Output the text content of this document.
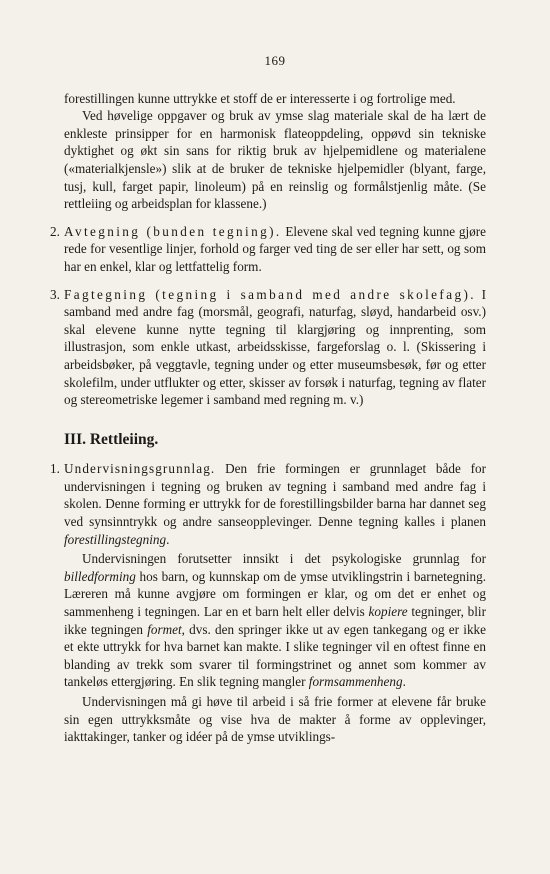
169

forestillingen kunne uttrykke et stoff de er interesserte i og fortrolige med.

Ved høvelige oppgaver og bruk av ymse slag materiale skal de ha lært de enkleste prinsipper for en harmonisk flateoppdeling, oppøvd sin tekniske dyktighet og økt sin sans for riktig bruk av hjelpemidlene og materialene («materialkjensle») slik at de bruker de tekniske hjelpemidler (blyant, farge, tusj, kull, farget papir, linoleum) på en reinslig og formålstjenlig måte. (Se rettleiing og arbeidsplan for klassene.)

2. Avtegning (bunden tegning). Elevene skal ved tegning kunne gjøre rede for vesentlige linjer, forhold og farger ved ting de ser eller har sett, og som har en enkel, klar og lettfattelig form.
3. Fagtegning (tegning i samband med andre skolefag). I samband med andre fag (morsmål, geografi, naturfag, sløyd, handarbeid osv.) skal elevene kunne nytte tegning til klargjøring og innprenting, som illustrasjon, som enkle utkast, arbeidsskisse, fargeforslag o. l. (Skissering i arbeidsbøker, på veggtavle, tegning under og etter museumsbesøk, før og etter skolefilm, under utflukter og etter, skisser av forsøk i naturfag, tegning av flater og stereometriske legemer i samband med regning m. v.)
III. Rettleiing.
1. Undervisningsgrunnlag. Den frie formingen er grunnlaget både for undervisningen i tegning og bruken av tegning i samband med andre fag i skolen. Denne forming er uttrykk for de forestillingsbilder barna har dannet seg ved synsinntrykk og andre sanseopplevinger. Denne tegning kalles i planen forestillingstegning.

Undervisningen forutsetter innsikt i det psykologiske grunnlag for billedforming hos barn, og kunnskap om de ymse utviklingstrin i barnetegning. Læreren må kunne avgjøre om formingen er klar, og om det er enhet og sammenheng i tegningen. Lar en et barn helt eller delvis kopiere tegninger, blir ikke tegningen formet, dvs. den springer ikke ut av egen tankegang og er ikke et ekte uttrykk for hva barnet kan makte. I slike tegninger vil en oftest finne en blanding av trekk som svarer til formingstrinet og annet som kommer av tankeløs ettergjøring. En slik tegning mangler formsammenheng.

Undervisningen må gi høve til arbeid i så frie former at elevene får bruke sin egen uttrykksmåte og vise hva de makter å forme av opplevinger, iakttakinger, tanker og idéer på de ymse utviklings-
